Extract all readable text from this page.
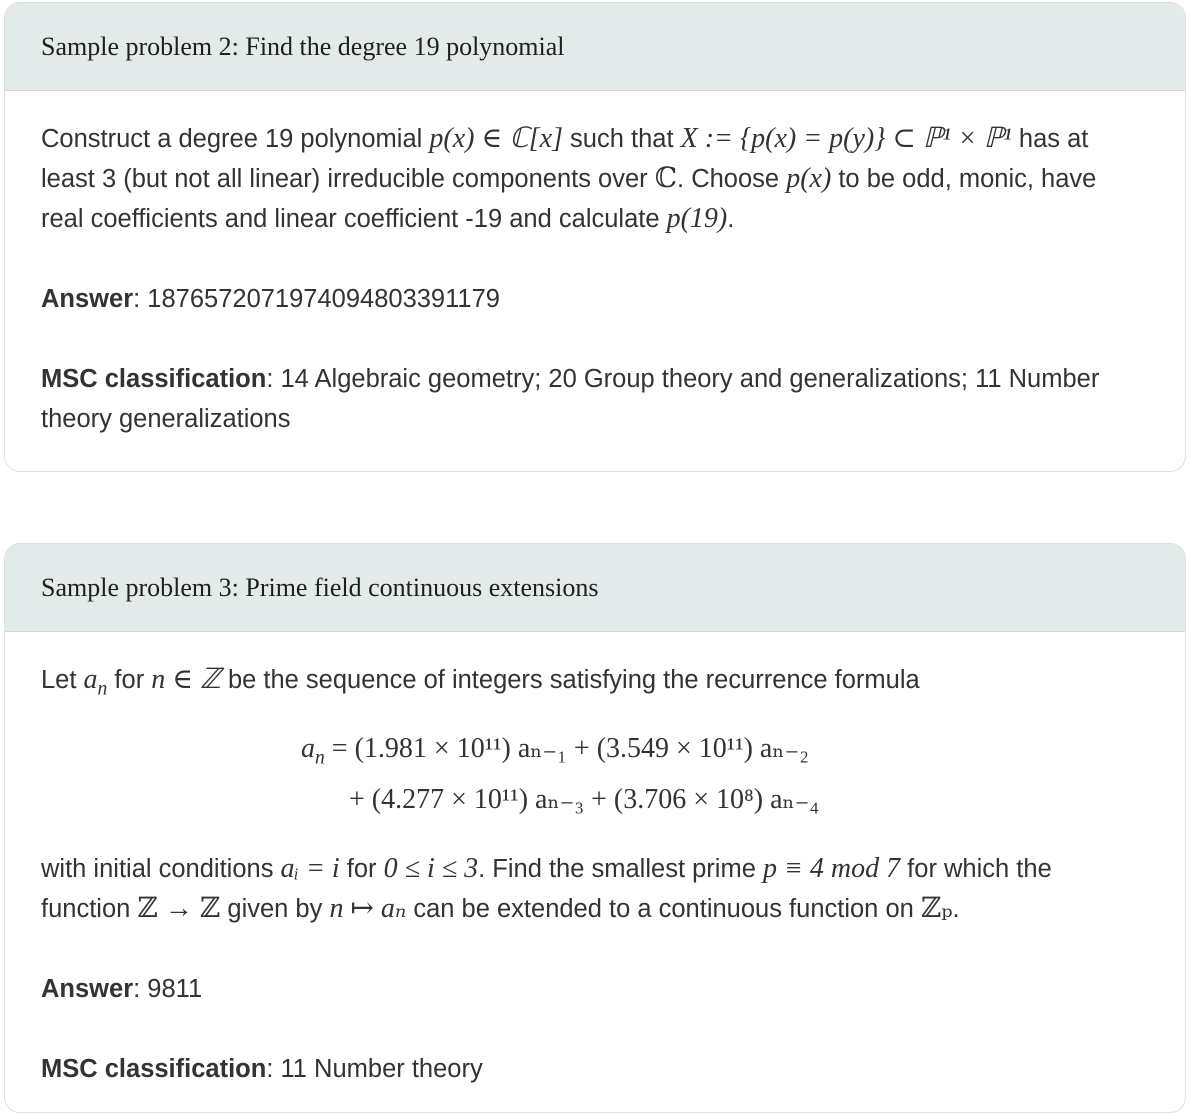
Sample problem 2: Find the degree 19 polynomial

Construct a degree 19 polynomial p(x) ∈ ℂ[x] such that X := {p(x) = p(y)} ⊂ ℙ¹ × ℙ¹ has at least 3 (but not all linear) irreducible components over ℂ. Choose p(x) to be odd, monic, have real coefficients and linear coefficient -19 and calculate p(19).

Answer: 1876572071974094803391179

MSC classification: 14 Algebraic geometry; 20 Group theory and generalizations; 11 Number theory generalizations

Sample problem 3: Prime field continuous extensions
Let $a_n$ for n ∈ ℤ be the sequence of integers satisfying the recurrence formula
$a_n = (1.981 \times 10^{11}) a_{n-1} + (3.549 \times 10^{11})$ aₙ₋₂
+ (4.277 × 10¹¹) aₙ₋₃ + (3.706 × 10⁸) aₙ₋₄

with initial conditions aᵢ = i for 0 ≤ i ≤ 3. Find the smallest prime p ≡ 4 mod 7 for which the function ℤ → ℤ given by n ↦ aₙ can be extended to a continuous function on ℤₚ.

Answer: 9811

MSC classification: 11 Number theory
